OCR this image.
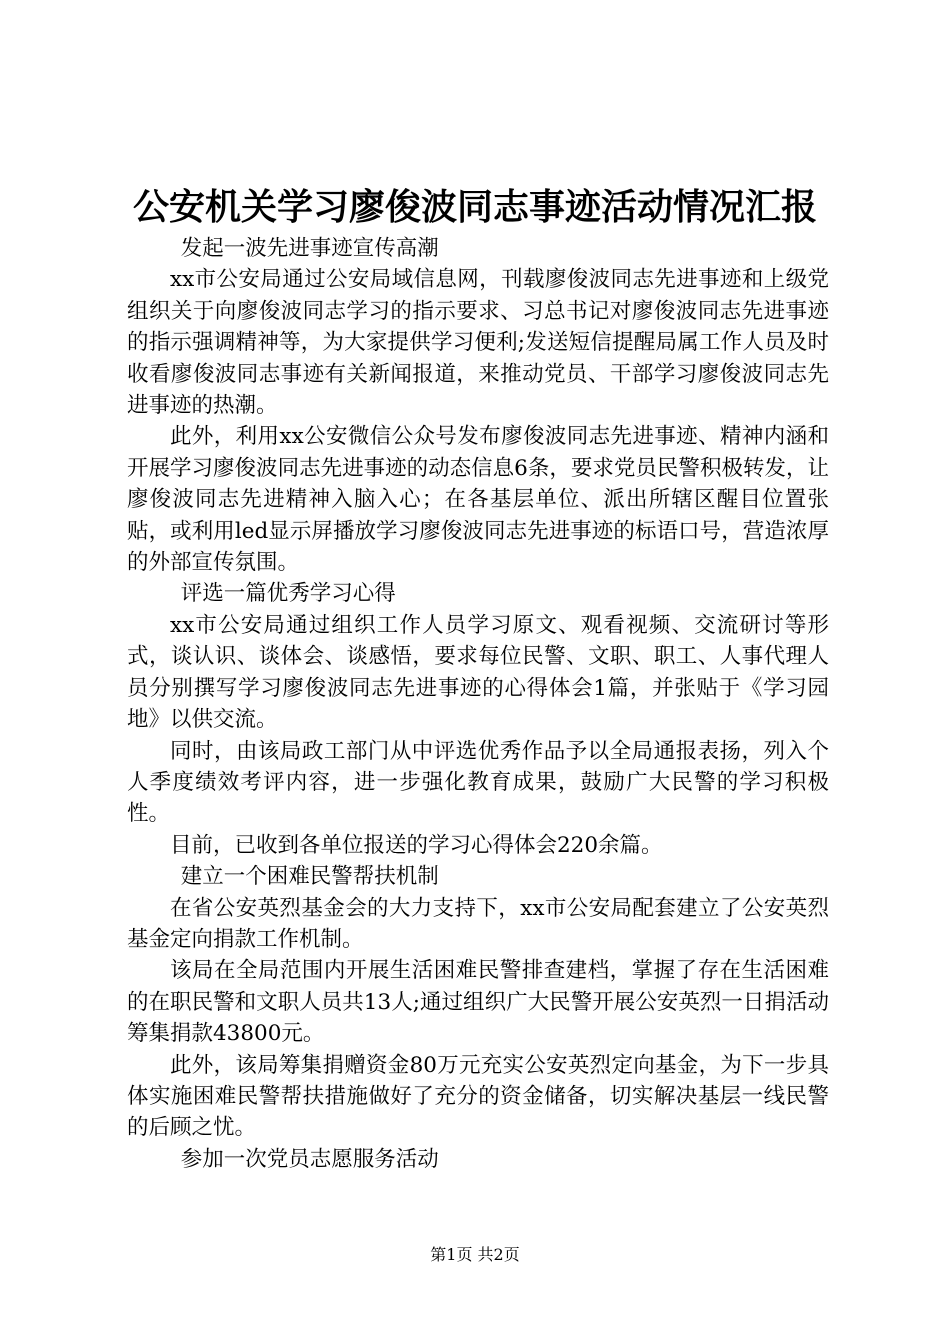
公安机关学习廖俊波同志事迹活动情况汇报

发起一波先进事迹宣传高潮

xx市公安局通过公安局域信息网，刊载廖俊波同志先进事迹和上级党组织关于向廖俊波同志学习的指示要求、习总书记对廖俊波同志先进事迹的指示强调精神等，为大家提供学习便利;发送短信提醒局属工作人员及时收看廖俊波同志事迹有关新闻报道，来推动党员、干部学习廖俊波同志先进事迹的热潮。

此外，利用xx公安微信公众号发布廖俊波同志先进事迹、精神内涵和开展学习廖俊波同志先进事迹的动态信息6条，要求党员民警积极转发，让廖俊波同志先进精神入脑入心；在各基层单位、派出所辖区醒目位置张贴，或利用led显示屏播放学习廖俊波同志先进事迹的标语口号，营造浓厚的外部宣传氛围。

评选一篇优秀学习心得

xx市公安局通过组织工作人员学习原文、观看视频、交流研讨等形式，谈认识、谈体会、谈感悟，要求每位民警、文职、职工、人事代理人员分别撰写学习廖俊波同志先进事迹的心得体会1篇，并张贴于《学习园地》以供交流。

同时，由该局政工部门从中评选优秀作品予以全局通报表扬，列入个人季度绩效考评内容，进一步强化教育成果，鼓励广大民警的学习积极性。

目前，已收到各单位报送的学习心得体会220余篇。

建立一个困难民警帮扶机制

在省公安英烈基金会的大力支持下，xx市公安局配套建立了公安英烈基金定向捐款工作机制。

该局在全局范围内开展生活困难民警排查建档，掌握了存在生活困难的在职民警和文职人员共13人;通过组织广大民警开展公安英烈一日捐活动筹集捐款43800元。

此外，该局筹集捐赠资金80万元充实公安英烈定向基金，为下一步具体实施困难民警帮扶措施做好了充分的资金储备，切实解决基层一线民警的后顾之忧。

参加一次党员志愿服务活动

第1页 共2页
